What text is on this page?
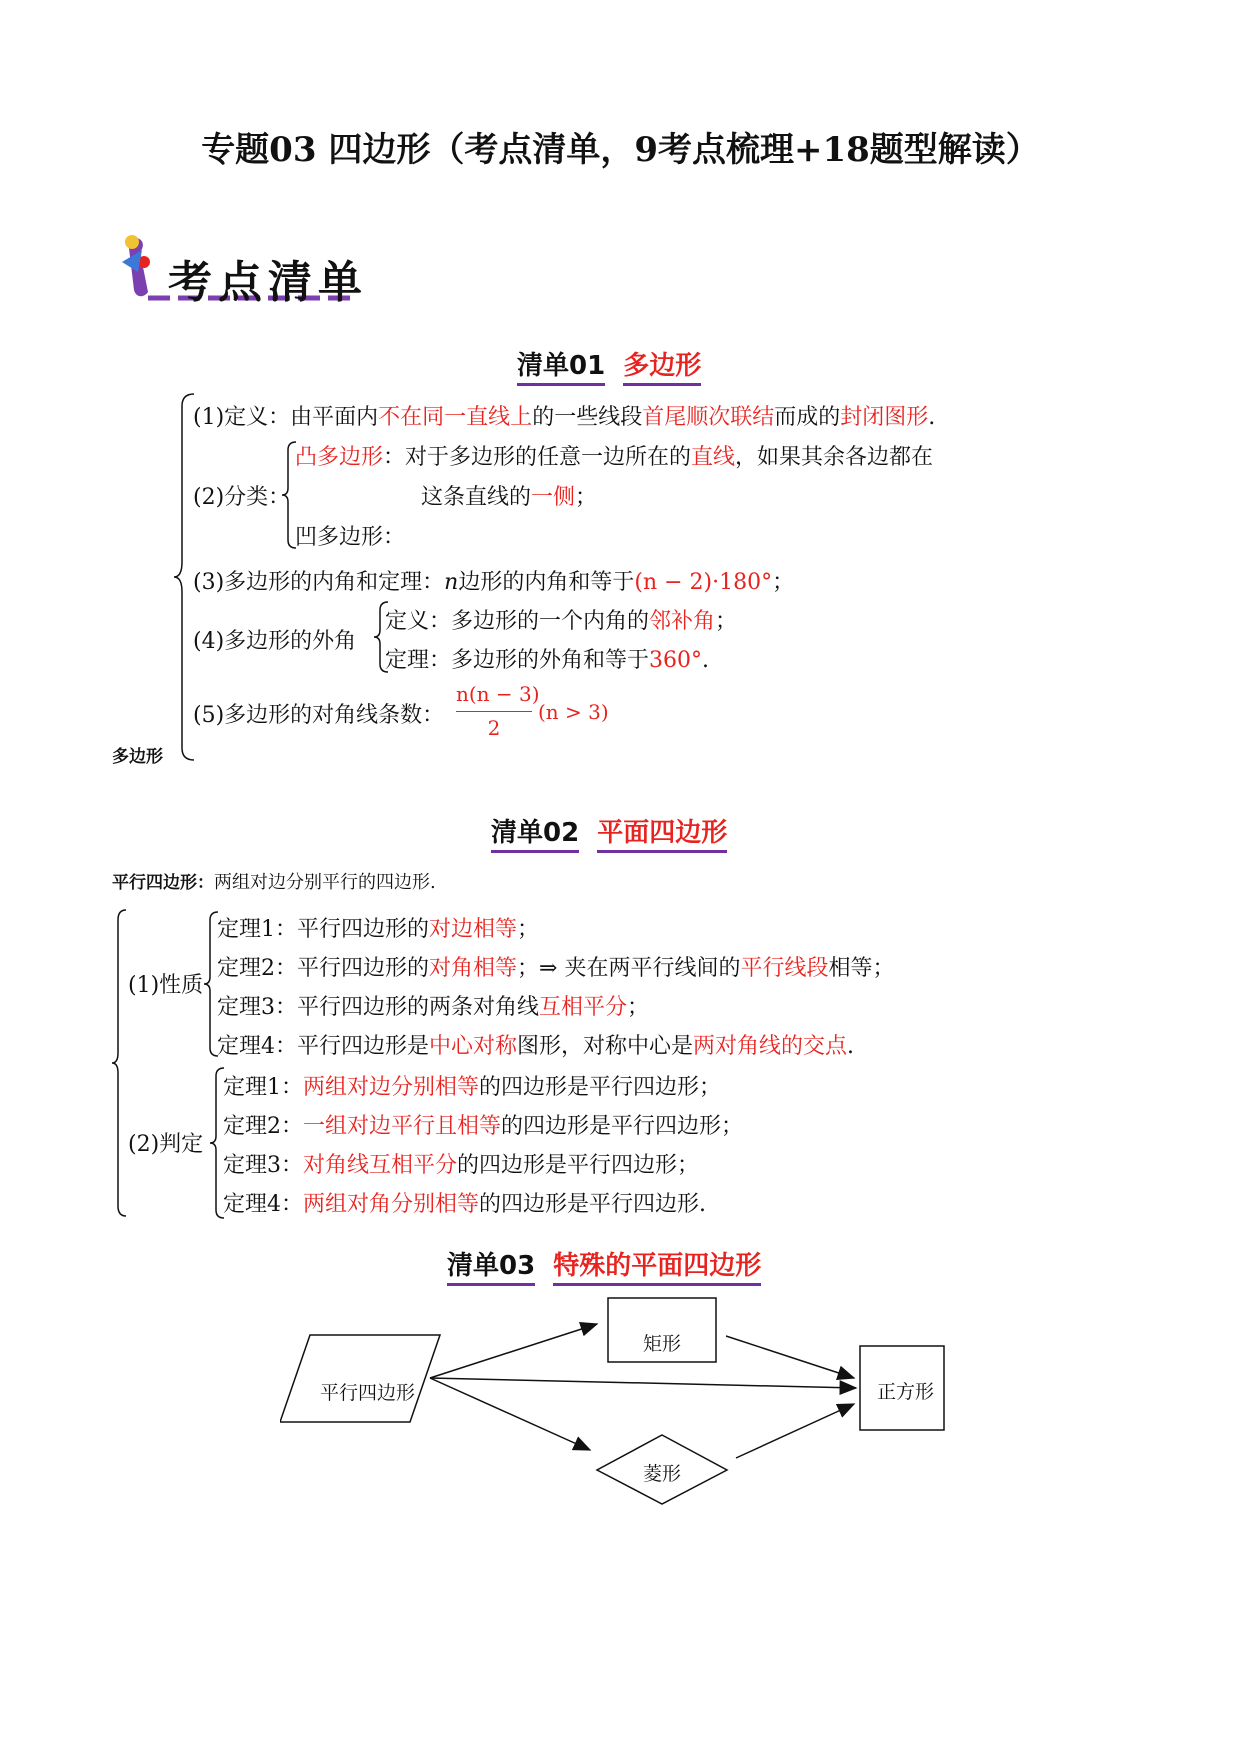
专题03 四边形（考点清单，9考点梳理+18题型解读）
考点清单
清单01 多边形
多边形
(1)定义：由平面内不在同一直线上的一些线段首尾顺次联结而成的封闭图形.
(2)分类：
凸多边形：对于多边形的任意一边所在的直线，如果其余各边都在
这条直线的一侧；
凹多边形：
(3)多边形的内角和定理：n边形的内角和等于(n − 2)·180°；
(4)多边形的外角
定义：多边形的一个内角的邻补角；
定理：多边形的外角和等于360°.
(5)多边形的对角线条数：
n(n − 3)
2
(n > 3)
清单02 平面四边形
平行四边形：两组对边分别平行的四边形.
(1)性质
定理1：平行四边形的对边相等；
定理2：平行四边形的对角相等；⇒ 夹在两平行线间的平行线段相等；
定理3：平行四边形的两条对角线互相平分；
定理4：平行四边形是中心对称图形，对称中心是两对角线的交点.
(2)判定
定理1：两组对边分别相等的四边形是平行四边形；
定理2：一组对边平行且相等的四边形是平行四边形；
定理3：对角线互相平分的四边形是平行四边形；
定理4：两组对角分别相等的四边形是平行四边形.
清单03 特殊的平面四边形
平行四边形
矩形
菱形
正方形
